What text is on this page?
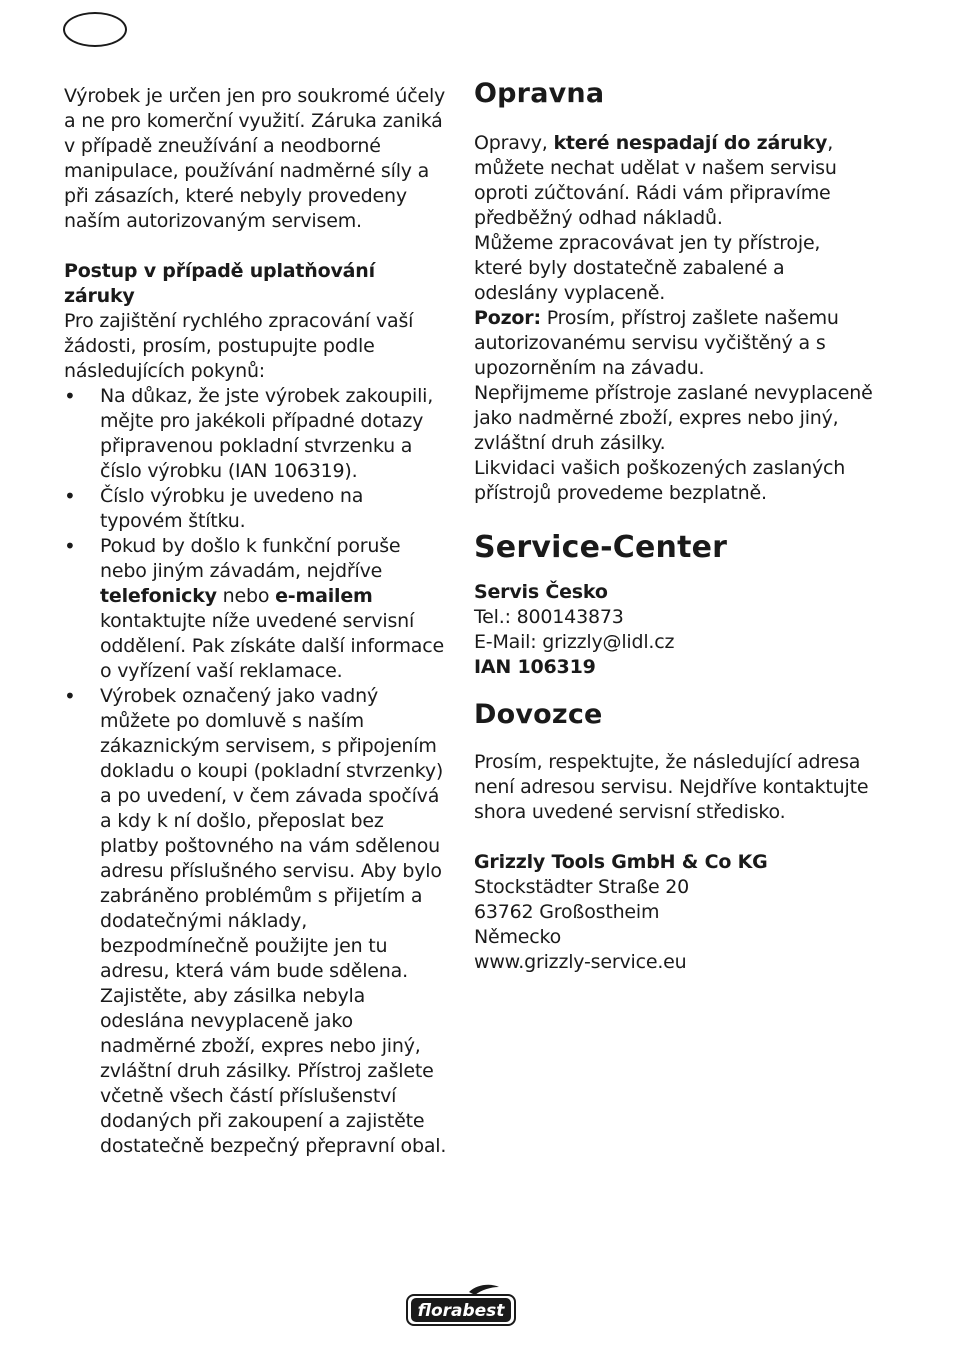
Výrobek je určen jen pro soukromé účely a ne pro komerční využití. Záruka zaniká v případě zneužívání a neodborné manipulace, používání nadměrné síly a při zásazích, které nebyly provedeny naším autorizovaným servisem.

Postup v případě uplatňování záruky

Pro zajištění rychlého zpracování vaší žádosti, prosím, postupujte podle následujících pokynů:

• Na důkaz, že jste výrobek zakoupili, mějte pro jakékoli případné dotazy připravenou pokladní stvrzenku a číslo výrobku (IAN 106319).
• Číslo výrobku je uvedeno na typovém štítku.
• Pokud by došlo k funkční poruše nebo jiným závadám, nejdříve telefonicky nebo e-mailem kontaktujte níže uvedené servisní oddělení. Pak získáte další informace o vyřízení vaší reklamace.
• Výrobek označený jako vadný můžete po domluvě s naším zákaznickým servisem, s připojením dokladu o koupi (pokladní stvrzenky) a po uvedení, v čem závada spočívá a kdy k ní došlo, přeposlat bez platby poštovného na vám sdělenou adresu příslušného servisu. Aby bylo zabráněno problémům s přijetím a dodatečnými náklady, bezpodmínečně použijte jen tu adresu, která vám bude sdělena. Zajistěte, aby zásilka nebyla odeslána nevyplaceně jako nadměrné zboží, expres nebo jiný, zvláštní druh zásilky. Přístroj zašlete včetně všech částí příslušenství dodaných při zakoupení a zajistěte dostatečně bezpečný přepravní obal.
Opravna

Opravy, které nespadají do záruky, můžete nechat udělat v našem servisu oproti zúčtování. Rádi vám připravíme předběžný odhad nákladů.

Můžeme zpracovávat jen ty přístroje, které byly dostatečně zabalené a odeslány vyplaceně.

Pozor: Prosím, přístroj zašlete našemu autorizovanému servisu vyčištěný a s upozorněním na závadu.

Nepřijmeme přístroje zaslané nevyplaceně jako nadměrné zboží, expres nebo jiný, zvláštní druh zásilky.

Likvidaci vašich poškozených zaslaných přístrojů provedeme bezplatně.

Service-Center

Servis Česko

Tel.: 800143873

E-Mail: grizzly@lidl.cz

IAN 106319

Dovozce

Prosím, respektujte, že následující adresa není adresou servisu. Nejdříve kontaktujte shora uvedené servisní středisko.

Grizzly Tools GmbH & Co KG

Stockstädter Straße 20

63762 Großostheim

Německo

www.grizzly-service.eu

florabest
